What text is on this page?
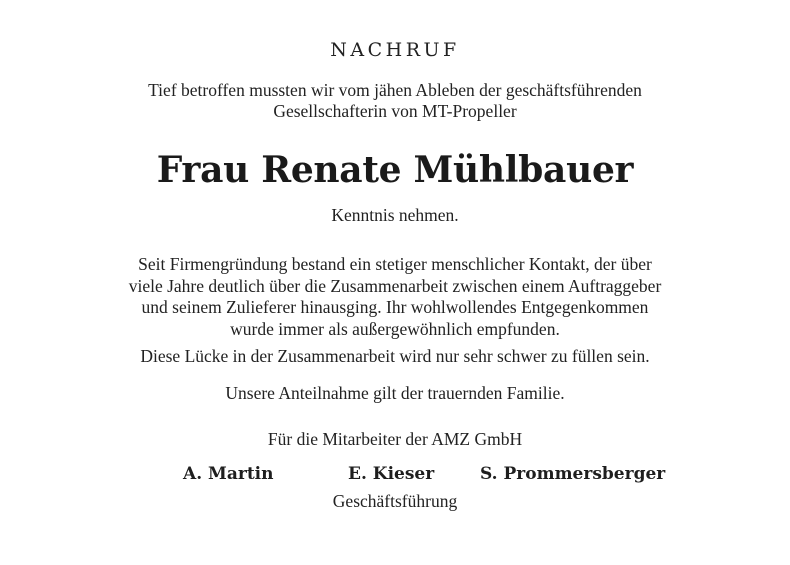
NACHRUF
Tief betroffen mussten wir vom jähen Ableben der geschäftsführenden
Gesellschafterin von MT-Propeller
Frau Renate Mühlbauer
Kenntnis nehmen.
Seit Firmengründung bestand ein stetiger menschlicher Kontakt, der über
viele Jahre deutlich über die Zusammenarbeit zwischen einem Auftraggeber
und seinem Zulieferer hinausging. Ihr wohlwollendes Entgegenkommen
wurde immer als außergewöhnlich empfunden.
Diese Lücke in der Zusammenarbeit wird nur sehr schwer zu füllen sein.
Unsere Anteilnahme gilt der trauernden Familie.
Für die Mitarbeiter der AMZ GmbH
A. Martin	E. Kieser	S. Prommersberger
Geschäftsführung
